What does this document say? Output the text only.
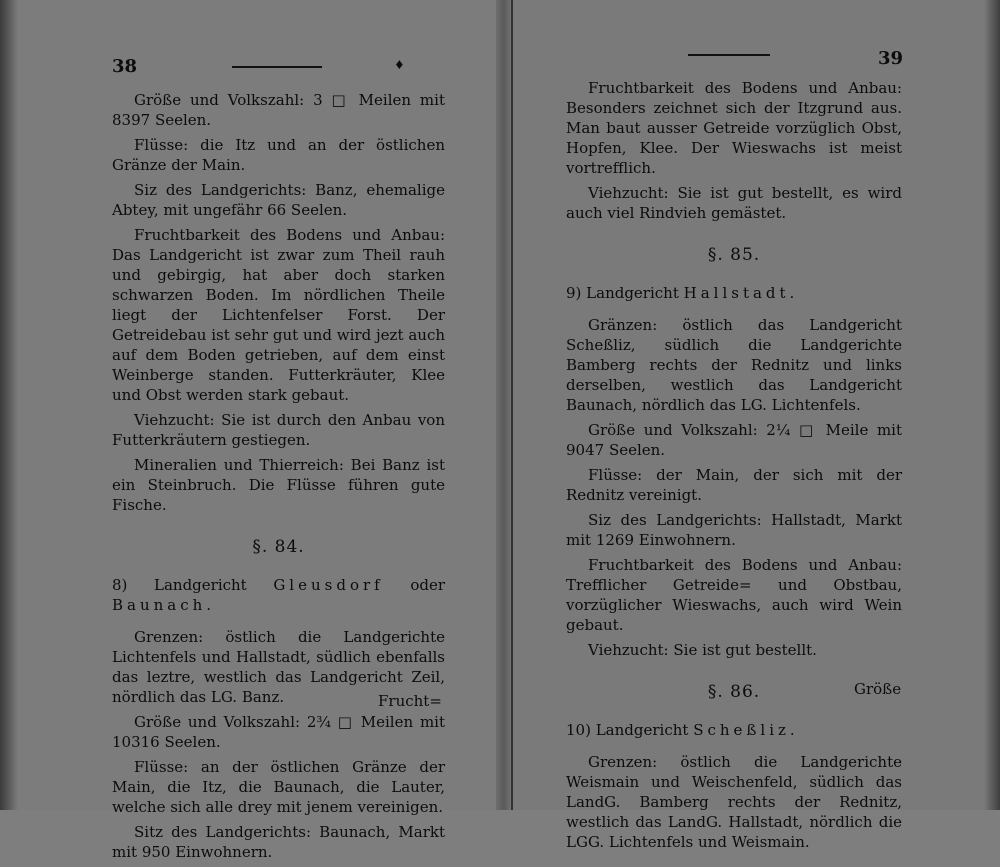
38	♦

Größe und Volkszahl: 3 □ Meilen mit 8397 Seelen.

Flüsse: die Itz und an der östlichen Gränze der Main.

Siz des Landgerichts: Banz, ehemalige Abtey, mit ungefähr 66 Seelen.

Fruchtbarkeit des Bodens und Anbau: Das Landgericht ist zwar zum Theil rauh und gebirgig, hat aber doch starken schwarzen Boden. Im nördlichen Theile liegt der Lichtenfelser Forst. Der Getreidebau ist sehr gut und wird jezt auch auf dem Boden getrieben, auf dem einst Weinberge standen. Futterkräuter, Klee und Obst werden stark gebaut.

Viehzucht: Sie ist durch den Anbau von Futterkräutern gestiegen.

Mineralien und Thierreich: Bei Banz ist ein Steinbruch. Die Flüsse führen gute Fische.

§. 84.

8) Landgericht Gleusdorf oder Baunach.

Grenzen: östlich die Landgerichte Lichtenfels und Hallstadt, südlich ebenfalls das leztre, westlich das Landgericht Zeil, nördlich das LG. Banz.

Größe und Volkszahl: 2¾ □ Meilen mit 10316 Seelen.

Flüsse: an der östlichen Gränze der Main, die Itz, die Baunach, die Lauter, welche sich alle drey mit jenem vereinigen.

Sitz des Landgerichts: Baunach, Markt mit 950 Einwohnern.

Frucht=
39

Fruchtbarkeit des Bodens und Anbau: Besonders zeichnet sich der Itzgrund aus. Man baut ausser Getreide vorzüglich Obst, Hopfen, Klee. Der Wieswachs ist meist vortrefflich.

Viehzucht: Sie ist gut bestellt, es wird auch viel Rindvieh gemästet.

§. 85.

9) Landgericht Hallstadt.

Gränzen: östlich das Landgericht Scheßliz, südlich die Landgerichte Bamberg rechts der Rednitz und links derselben, westlich das Landgericht Baunach, nördlich das LG. Lichtenfels.

Größe und Volkszahl: 2¼ □ Meile mit 9047 Seelen.

Flüsse: der Main, der sich mit der Rednitz vereinigt.

Siz des Landgerichts: Hallstadt, Markt mit 1269 Einwohnern.

Fruchtbarkeit des Bodens und Anbau: Trefflicher Getreide= und Obstbau, vorzüglicher Wieswachs, auch wird Wein gebaut.

Viehzucht: Sie ist gut bestellt.

§. 86.

10) Landgericht Scheßliz.

Grenzen: östlich die Landgerichte Weismain und Weischenfeld, südlich das LandG. Bamberg rechts der Rednitz, westlich das LandG. Hallstadt, nördlich die LGG. Lichtenfels und Weismain.

Größe
